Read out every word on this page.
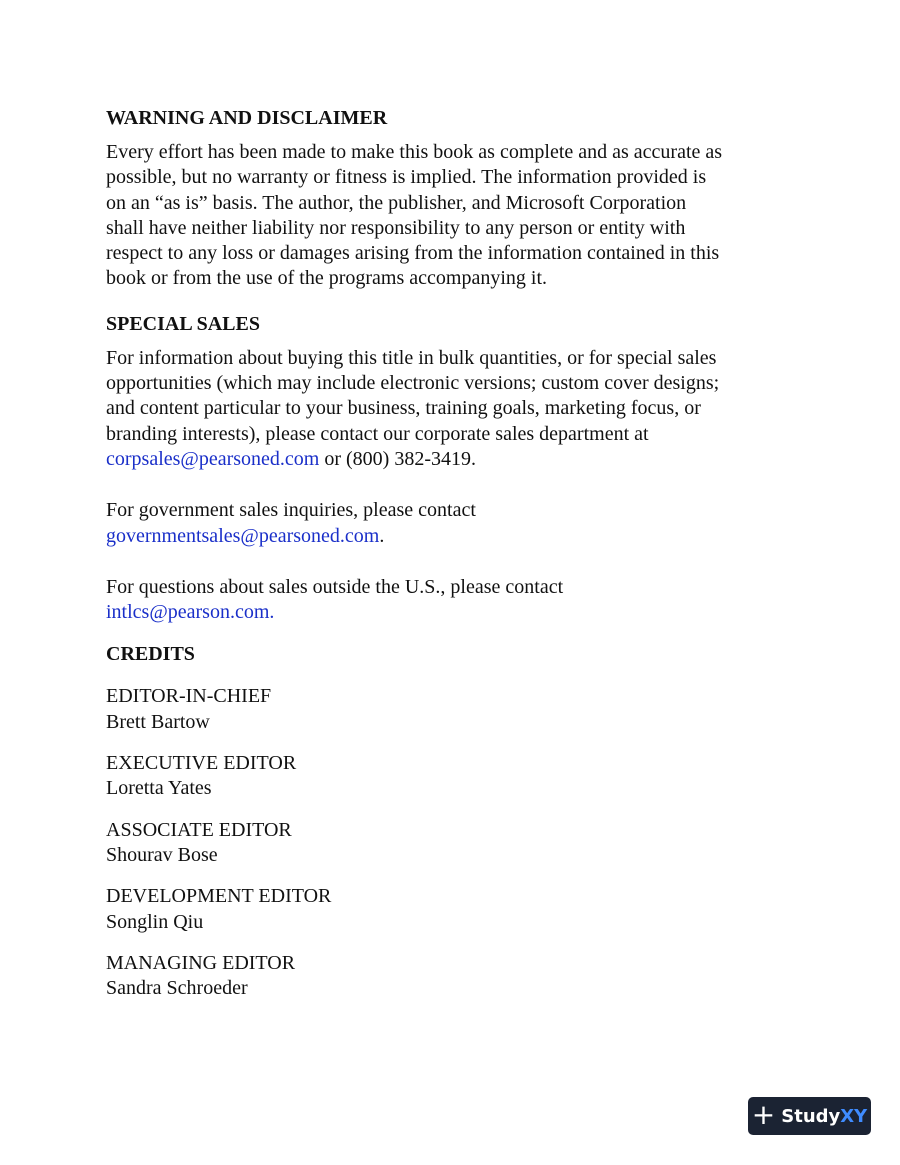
WARNING AND DISCLAIMER

Every effort has been made to make this book as complete and as accurate as
possible, but no warranty or fitness is implied. The information provided is
on an “as is” basis. The author, the publisher, and Microsoft Corporation
shall have neither liability nor responsibility to any person or entity with
respect to any loss or damages arising from the information contained in this
book or from the use of the programs accompanying it.

SPECIAL SALES

For information about buying this title in bulk quantities, or for special sales
opportunities (which may include electronic versions; custom cover designs;
and content particular to your business, training goals, marketing focus, or
branding interests), please contact our corporate sales department at
corpsales@pearsoned.com or (800) 382-3419.

For government sales inquiries, please contact
governmentsales@pearsoned.com.

For questions about sales outside the U.S., please contact
intlcs@pearson.com.

CREDITS

EDITOR-IN-CHIEF
Brett Bartow

EXECUTIVE EDITOR
Loretta Yates

ASSOCIATE EDITOR
Shourav Bose

DEVELOPMENT EDITOR
Songlin Qiu

MANAGING EDITOR
Sandra Schroeder

+ StudyXY
